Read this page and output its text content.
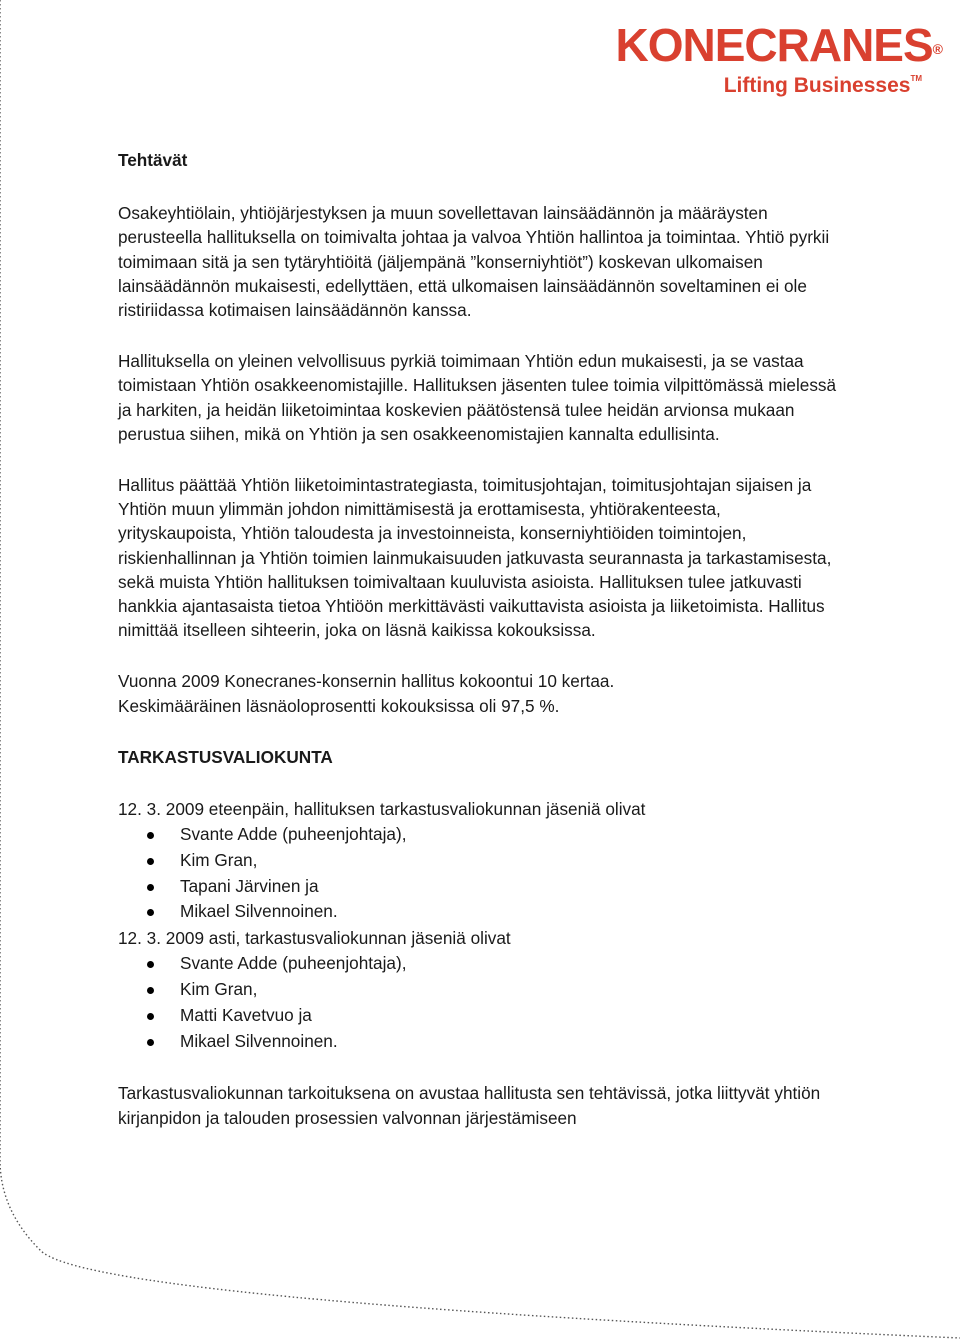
KONECRANES®
Lifting Businesses™
Tehtävät

Osakeyhtiölain, yhtiöjärjestyksen ja muun sovellettavan lainsäädännön ja määräysten perusteella hallituksella on toimivalta johtaa ja valvoa Yhtiön hallintoa ja toimintaa. Yhtiö pyrkii toimimaan sitä ja sen tytäryhtiöitä (jäljempänä ”konserniyhtiöt”) koskevan ulkomaisen lainsäädännön mukaisesti, edellyttäen, että ulkomaisen lainsäädännön soveltaminen ei ole ristiriidassa kotimaisen lainsäädännön kanssa.

Hallituksella on yleinen velvollisuus pyrkiä toimimaan Yhtiön edun mukaisesti, ja se vastaa toimistaan Yhtiön osakkeenomistajille. Hallituksen jäsenten tulee toimia vilpittömässä mielessä ja harkiten, ja heidän liiketoimintaa koskevien päätöstensä tulee heidän arvionsa mukaan perustua siihen, mikä on Yhtiön ja sen osakkeenomistajien kannalta edullisinta.

Hallitus päättää Yhtiön liiketoimintastrategiasta, toimitusjohtajan, toimitusjohtajan sijaisen ja Yhtiön muun ylimmän johdon nimittämisestä ja erottamisesta, yhtiörakenteesta, yrityskaupoista, Yhtiön taloudesta ja investoinneista, konserniyhtiöiden toimintojen, riskienhallinnan ja Yhtiön toimien lainmukaisuuden jatkuvasta seurannasta ja tarkastamisesta, sekä muista Yhtiön hallituksen toimivaltaan kuuluvista asioista. Hallituksen tulee jatkuvasti hankkia ajantasaista tietoa Yhtiöön merkittävästi vaikuttavista asioista ja liiketoimista. Hallitus nimittää itselleen sihteerin, joka on läsnä kaikissa kokouksissa.

Vuonna 2009 Konecranes-konsernin hallitus kokoontui 10 kertaa.

Keskimääräinen läsnäoloprosentti kokouksissa oli 97,5 %.

TARKASTUSVALIOKUNTA

12. 3. 2009 eteenpäin, hallituksen tarkastusvaliokunnan jäseniä olivat

Svante Adde (puheenjohtaja),
Kim Gran,
Tapani Järvinen ja
Mikael Silvennoinen.

12. 3. 2009 asti, tarkastusvaliokunnan jäseniä olivat

Svante Adde (puheenjohtaja),
Kim Gran,
Matti Kavetvuo ja
Mikael Silvennoinen.

Tarkastusvaliokunnan tarkoituksena on avustaa hallitusta sen tehtävissä, jotka liittyvät yhtiön kirjanpidon ja talouden prosessien valvonnan järjestämiseen
